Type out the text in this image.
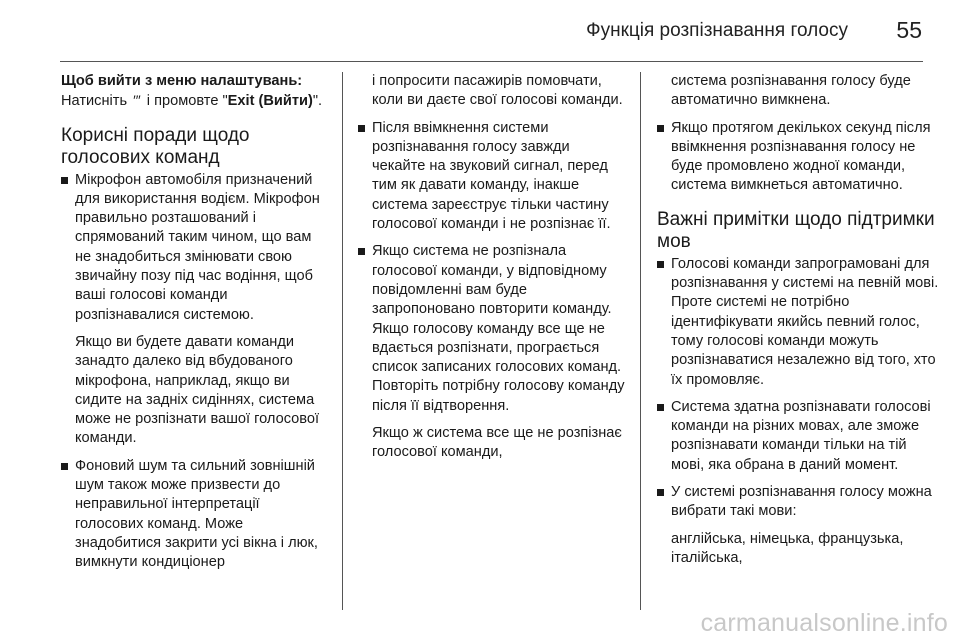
Функція розпізнавання голосу 55
Щоб вийти з меню налаштувань:
Натисніть ′″ і промовте "Exit (Вийти)".
Корисні поради щодо голосових команд
Мікрофон автомобіля призначений для використання водієм. Мікрофон правильно розташований і спрямований таким чином, що вам не знадобиться змінювати свою звичайну позу під час водіння, щоб ваші голосові команди розпізнавалися системою.
Якщо ви будете давати команди занадто далеко від вбудованого мікрофона, наприклад, якщо ви сидите на задніх сидіннях, система може не розпізнати вашої голосової команди.
Фоновий шум та сильний зовнішній шум також може призвести до неправильної інтерпретації голосових команд. Може знадобитися закрити усі вікна і люк, вимкнути кондиціонер
і попросити пасажирів помовчати, коли ви даєте свої голосові команди.
Після ввімкнення системи розпізнавання голосу завжди чекайте на звуковий сигнал, перед тим як давати команду, інакше система зареєструє тільки частину голосової команди і не розпізнає її.
Якщо система не розпізнала голосової команди, у відповідному повідомленні вам буде запропоновано повторити команду. Якщо голосову команду все ще не вдається розпізнати, програється список записаних голосових команд. Повторіть потрібну голосову команду після її відтворення.
Якщо ж система все ще не розпізнає голосової команди,
система розпізнавання голосу буде автоматично вимкнена.
Якщо протягом декількох секунд після ввімкнення розпізнавання голосу не буде промовлено жодної команди, система вимкнеться автоматично.
Важні примітки щодо підтримки мов
Голосові команди запрограмовані для розпізнавання у системі на певній мові. Проте системі не потрібно ідентифікувати якийсь певний голос, тому голосові команди можуть розпізнаватися незалежно від того, хто їх промовляє.
Система здатна розпізнавати голосові команди на різних мовах, але зможе розпізнавати команди тільки на тій мові, яка обрана в даний момент.
У системі розпізнавання голосу можна вибрати такі мови:
англійська, німецька, французька, італійська,
carmanualsonline.info
